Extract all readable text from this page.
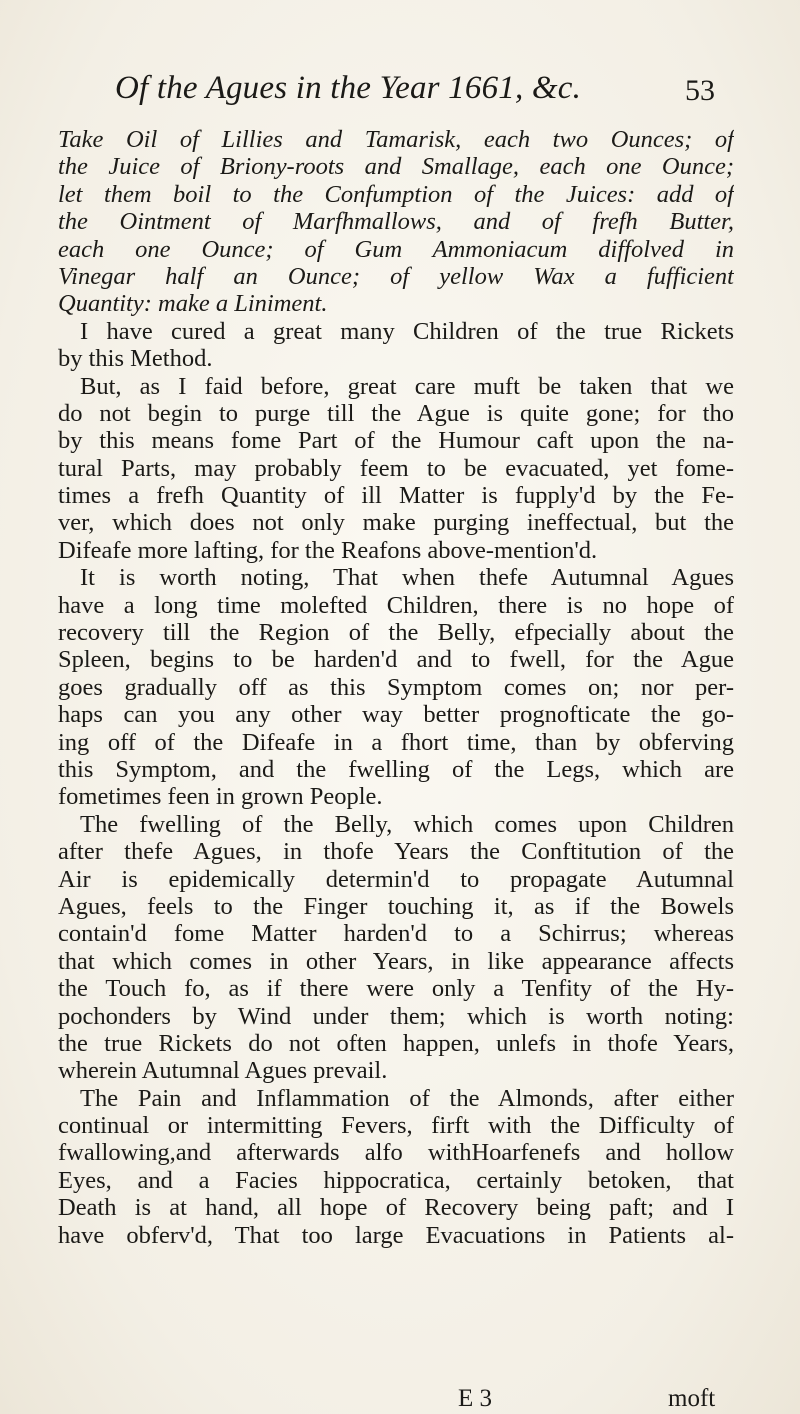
Of the Agues in the Year 1661, &c.	53
Take Oil of Lillies and Tamarisk, each two Ounces; of
the Juice of Briony-roots and Smallage, each one Ounce;
let them boil to the Confumption of the Juices: add of
the Ointment of Marfhmallows, and of frefh Butter,
each one Ounce; of Gum Ammoniacum diffolved in
Vinegar half an Ounce; of yellow Wax a fufficient
Quantity: make a Liniment.
I have cured a great many Children of the true Rickets
by this Method.
But, as I faid before, great care muft be taken that we
do not begin to purge till the Ague is quite gone; for tho
by this means fome Part of the Humour caft upon the na-
tural Parts, may probably feem to be evacuated, yet fome-
times a frefh Quantity of ill Matter is fupply'd by the Fe-
ver, which does not only make purging ineffectual, but the
Difeafe more lafting, for the Reafons above-mention'd.
It is worth noting, That when thefe Autumnal Agues
have a long time molefted Children, there is no hope of
recovery till the Region of the Belly, efpecially about the
Spleen, begins to be harden'd and to fwell, for the Ague
goes gradually off as this Symptom comes on; nor per-
haps can you any other way better prognofticate the go-
ing off of the Difeafe in a fhort time, than by obferving
this Symptom, and the fwelling of the Legs, which are
fometimes feen in grown People.
The fwelling of the Belly, which comes upon Children
after thefe Agues, in thofe Years the Conftitution of the
Air is epidemically determin'd to propagate Autumnal
Agues, feels to the Finger touching it, as if the Bowels
contain'd fome Matter harden'd to a Schirrus; whereas
that which comes in other Years, in like appearance affects
the Touch fo, as if there were only a Tenfity of the Hy-
pochonders by Wind under them; which is worth noting:
the true Rickets do not often happen, unlefs in thofe Years,
wherein Autumnal Agues prevail.
The Pain and Inflammation of the Almonds, after either
continual or intermitting Fevers, firft with the Difficulty of
fwallowing,and afterwards alfo withHoarfenefs and hollow
Eyes, and a Facies hippocratica, certainly betoken, that
Death is at hand, all hope of Recovery being paft; and I
have obferv'd, That too large Evacuations in Patients al-
E 3	moft
